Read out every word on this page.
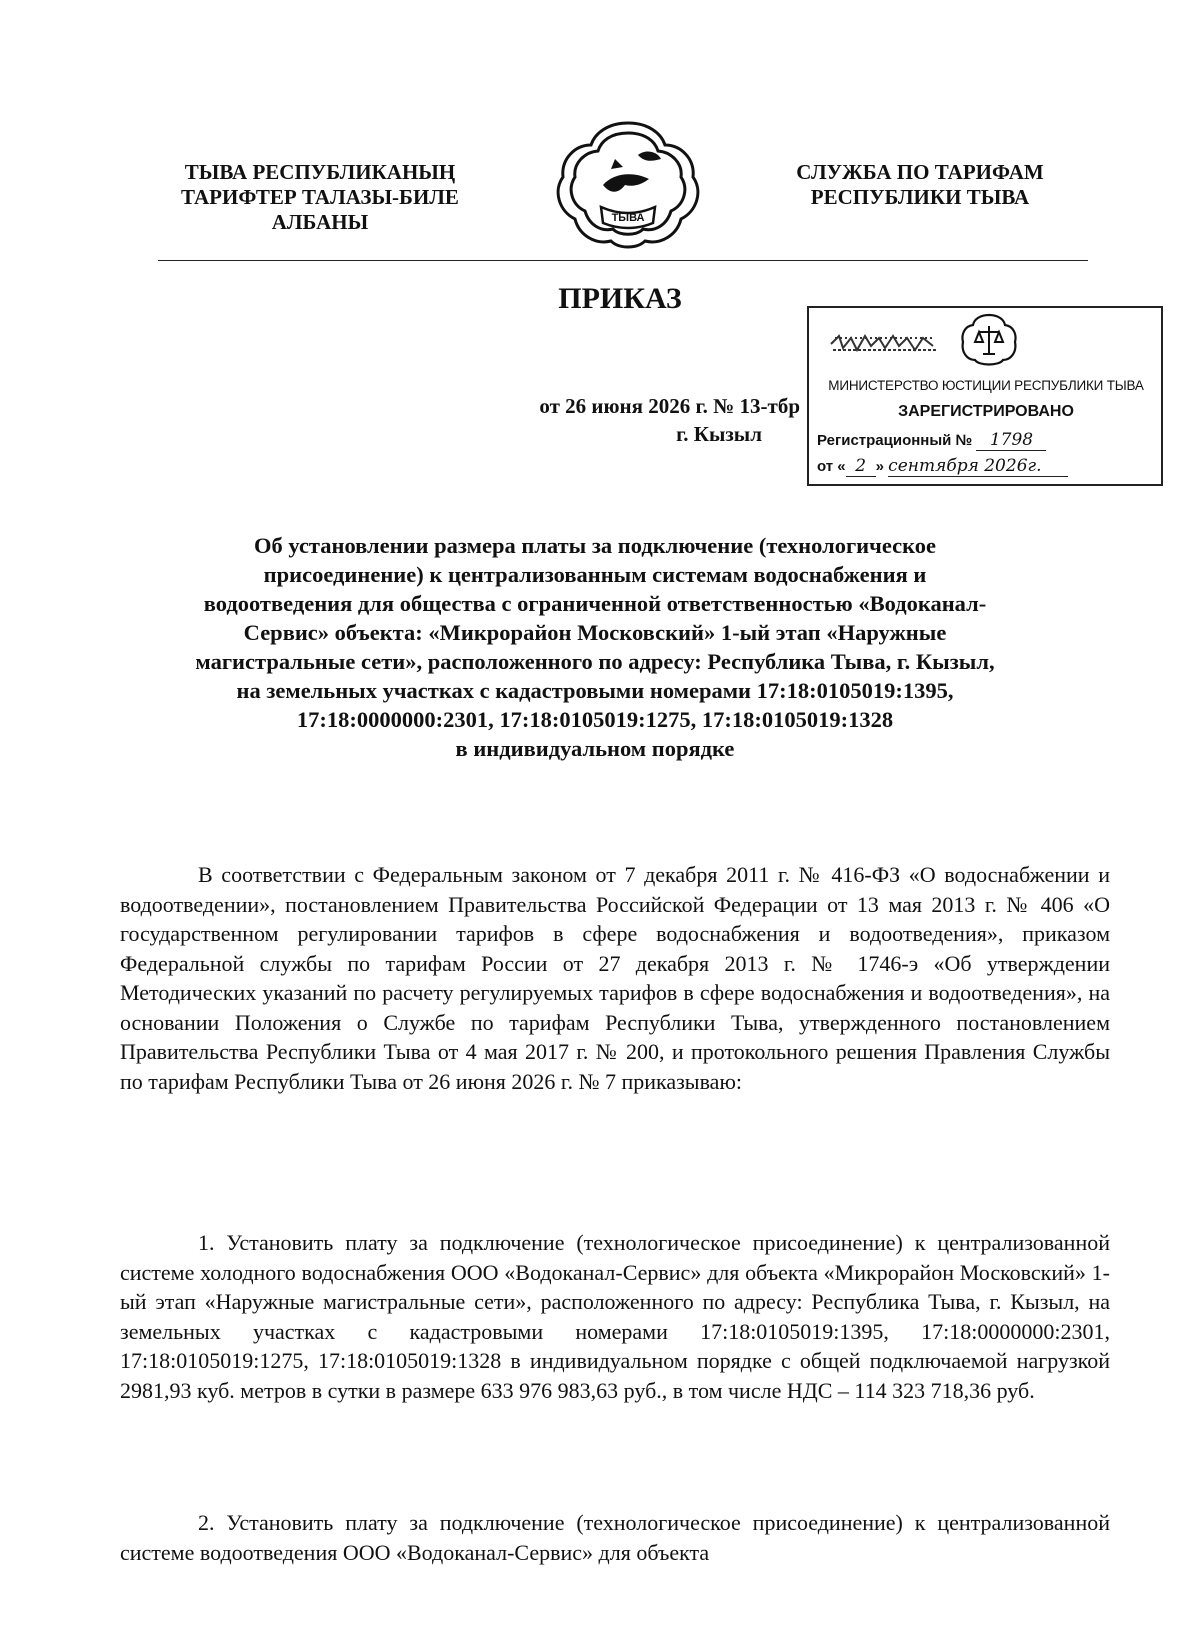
ТЫВА РЕСПУБЛИКАНЫҢ
ТАРИФТЕР ТАЛАЗЫ-БИЛЕ
АЛБАНЫ	ТЫВА
СЛУЖБА ПО ТАРИФАМ
РЕСПУБЛИКИ ТЫВА
ПРИКАЗ
от 26 июня 2026 г. № 13-тбр
г. Кызыл
МИНИСТЕРСТВО ЮСТИЦИИ РЕСПУБЛИКИ ТЫВА
ЗАРЕГИСТРИРОВАНО
Регистрационный № 1798
от « 2 » сентября 2026г.
Об установлении размера платы за подключение (технологическое
присоединение) к централизованным системам водоснабжения и
водоотведения для общества с ограниченной ответственностью «Водоканал-
Сервис» объекта: «Микрорайон Московский» 1-ый этап «Наружные
магистральные сети», расположенного по адресу: Республика Тыва, г. Кызыл,
на земельных участках с кадастровыми номерами 17:18:0105019:1395,
17:18:0000000:2301, 17:18:0105019:1275, 17:18:0105019:1328
в индивидуальном порядке
В соответствии с Федеральным законом от 7 декабря 2011 г. № 416-ФЗ «О водоснабжении и водоотведении», постановлением Правительства Российской Федерации от 13 мая 2013 г. № 406 «О государственном регулировании тарифов в сфере водоснабжения и водоотведения», приказом Федеральной службы по тарифам России от 27 декабря 2013 г. № 1746-э «Об утверждении Методических указаний по расчету регулируемых тарифов в сфере водоснабжения и водоотведения», на основании Положения о Службе по тарифам Республики Тыва, утвержденного постановлением Правительства Республики Тыва от 4 мая 2017 г. № 200, и протокольного решения Правления Службы по тарифам Республики Тыва от 26 июня 2026 г. № 7 приказываю:
1. Установить плату за подключение (технологическое присоединение) к централизованной системе холодного водоснабжения ООО «Водоканал-Сервис» для объекта «Микрорайон Московский» 1-ый этап «Наружные магистральные сети», расположенного по адресу: Республика Тыва, г. Кызыл, на земельных участках с кадастровыми номерами 17:18:0105019:1395, 17:18:0000000:2301, 17:18:0105019:1275, 17:18:0105019:1328 в индивидуальном порядке с общей подключаемой нагрузкой 2981,93 куб. метров в сутки в размере 633 976 983,63 руб., в том числе НДС – 114 323 718,36 руб.
2. Установить плату за подключение (технологическое присоединение) к централизованной системе водоотведения ООО «Водоканал-Сервис» для объекта
